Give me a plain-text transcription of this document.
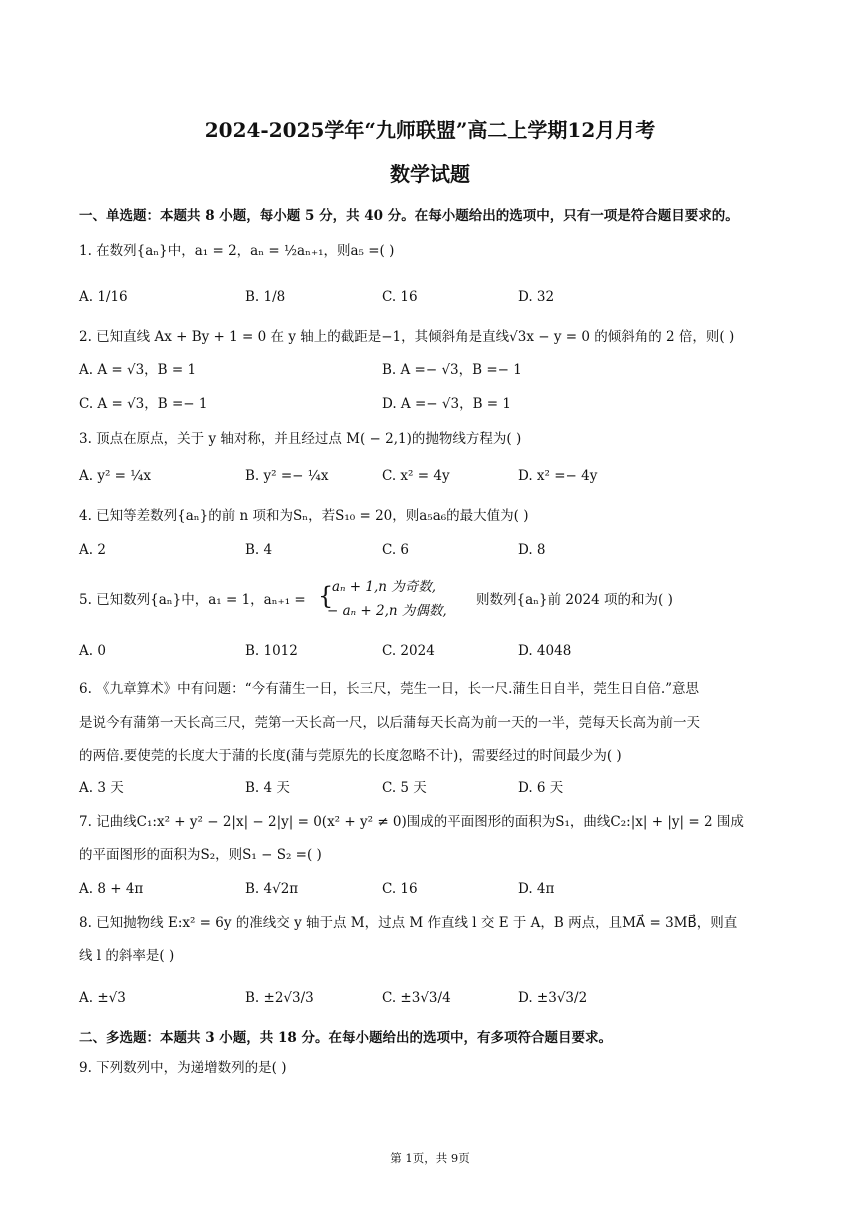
2024-2025学年“九师联盟”高二上学期12月月考
数学试题
一、单选题：本题共 8 小题，每小题 5 分，共 40 分。在每小题给出的选项中，只有一项是符合题目要求的。
1. 在数列{aₙ}中，a₁ = 2，aₙ = ½aₙ₊₁，则a₅ =( )
A. 1/16	B. 1/8	C. 16	D. 32
2. 已知直线 Ax + By + 1 = 0 在 y 轴上的截距是−1，其倾斜角是直线√3x − y = 0 的倾斜角的 2 倍，则( )
A. A = √3，B = 1	B. A =− √3，B =− 1
C. A = √3，B =− 1	D. A =− √3，B = 1
3. 顶点在原点，关于 y 轴对称，并且经过点 M( − 2,1)的抛物线方程为( )
A. y² = ¼x	B. y² =− ¼x	C. x² = 4y	D. x² =− 4y
4. 已知等差数列{aₙ}的前 n 项和为Sₙ，若S₁₀ = 20，则a₅a₆的最大值为( )
A. 2	B. 4	C. 6	D. 8
5. 已知数列{aₙ}中，a₁ = 1，aₙ₊₁ = {
aₙ + 1,n 为奇数,
− aₙ + 2,n 为偶数,
则数列{aₙ}前 2024 项的和为( )
A. 0	B. 1012	C. 2024	D. 4048
6. 《九章算术》中有问题：“今有蒲生一日，长三尺，莞生一日，长一尺.蒲生日自半，莞生日自倍.”意思
是说今有蒲第一天长高三尺，莞第一天长高一尺，以后蒲每天长高为前一天的一半，莞每天长高为前一天
的两倍.要使莞的长度大于蒲的长度(蒲与莞原先的长度忽略不计)，需要经过的时间最少为( )
A. 3 天	B. 4 天	C. 5 天	D. 6 天
7. 记曲线C₁:x² + y² − 2|x| − 2|y| = 0(x² + y² ≠ 0)围成的平面图形的面积为S₁，曲线C₂:|x| + |y| = 2 围成
的平面图形的面积为S₂，则S₁ − S₂ =( )
A. 8 + 4π	B. 4√2π	C. 16	D. 4π
8. 已知抛物线 E:x² = 6y 的准线交 y 轴于点 M，过点 M 作直线 l 交 E 于 A，B 两点，且MA⃗ = 3MB⃗，则直
线 l 的斜率是( )
A. ±√3	B. ±2√3/3	C. ±3√3/4	D. ±3√3/2
二、多选题：本题共 3 小题，共 18 分。在每小题给出的选项中，有多项符合题目要求。
9. 下列数列中，为递增数列的是( )
第 1页，共 9页
